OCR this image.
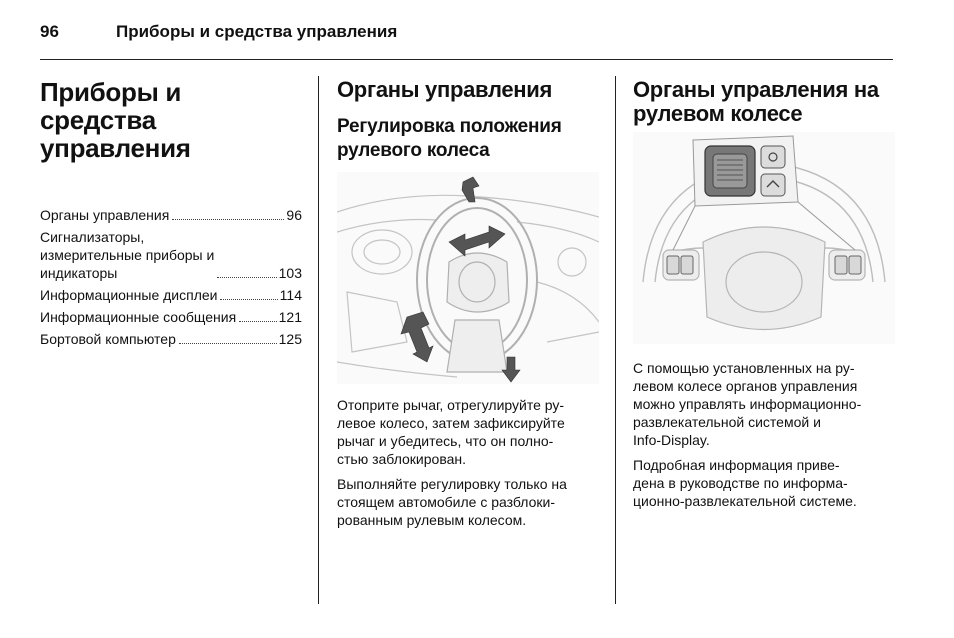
96	Приборы и средства управления
Приборы и средства
управления
Органы управления	96
Сигнализаторы,
измерительные приборы и
индикаторы	103
Информационные дисплеи	114
Информационные сообщения	121
Бортовой компьютер	125
Органы управления
Регулировка положения
рулевого колеса

Отоприте рычаг, отрегулируйте ру-
левое колесо, затем зафиксируйте
рычаг и убедитесь, что он полно-
стью заблокирован.

Выполняйте регулировку только на
стоящем автомобиле с разблоки-
рованным рулевым колесом.

Органы управления на
рулевом колесе

С помощью установленных на ру-
левом колесе органов управления
можно управлять информационно-
развлекательной системой и
Info-Display.

Подробная информация приве-
дена в руководстве по информа-
ционно-развлекательной системе.
